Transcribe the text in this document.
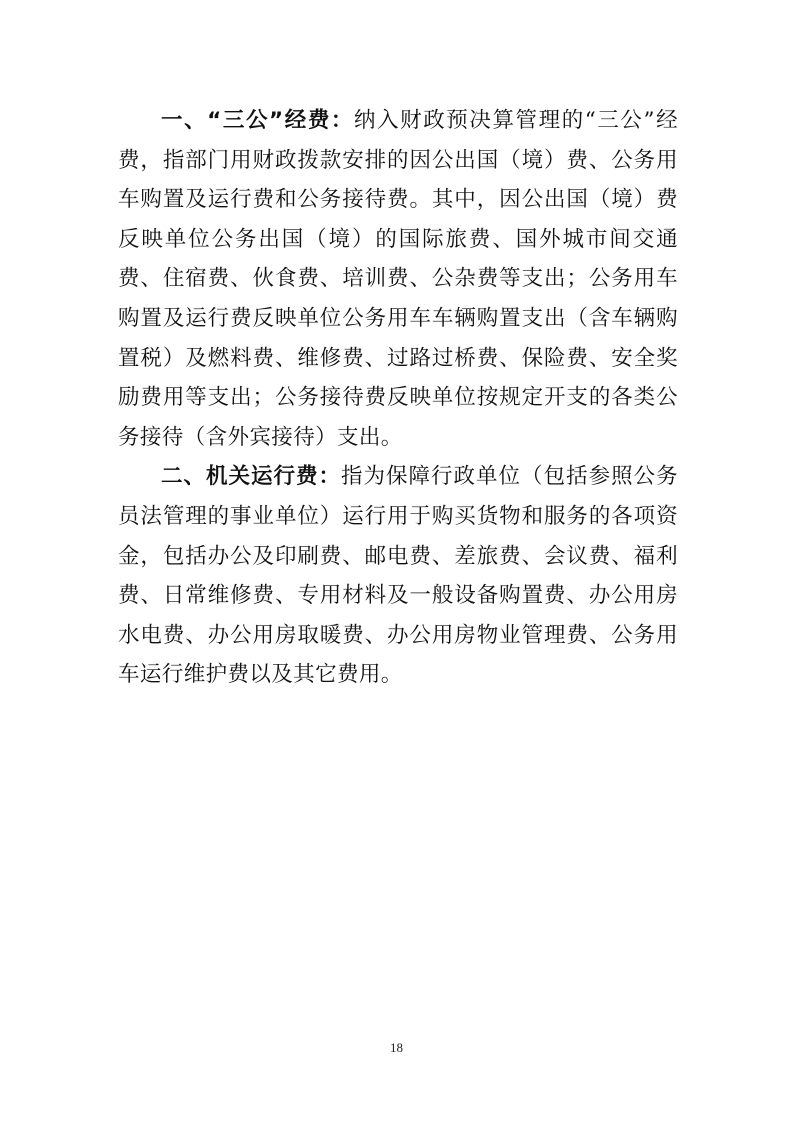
一、“三公”经费：纳入财政预决算管理的“三公”经费，指部门用财政拨款安排的因公出国（境）费、公务用车购置及运行费和公务接待费。其中，因公出国（境）费反映单位公务出国（境）的国际旅费、国外城市间交通费、住宿费、伙食费、培训费、公杂费等支出；公务用车购置及运行费反映单位公务用车车辆购置支出（含车辆购置税）及燃料费、维修费、过路过桥费、保险费、安全奖励费用等支出；公务接待费反映单位按规定开支的各类公务接待（含外宾接待）支出。

二、机关运行费：指为保障行政单位（包括参照公务员法管理的事业单位）运行用于购买货物和服务的各项资金，包括办公及印刷费、邮电费、差旅费、会议费、福利费、日常维修费、专用材料及一般设备购置费、办公用房水电费、办公用房取暖费、办公用房物业管理费、公务用车运行维护费以及其它费用。

18
